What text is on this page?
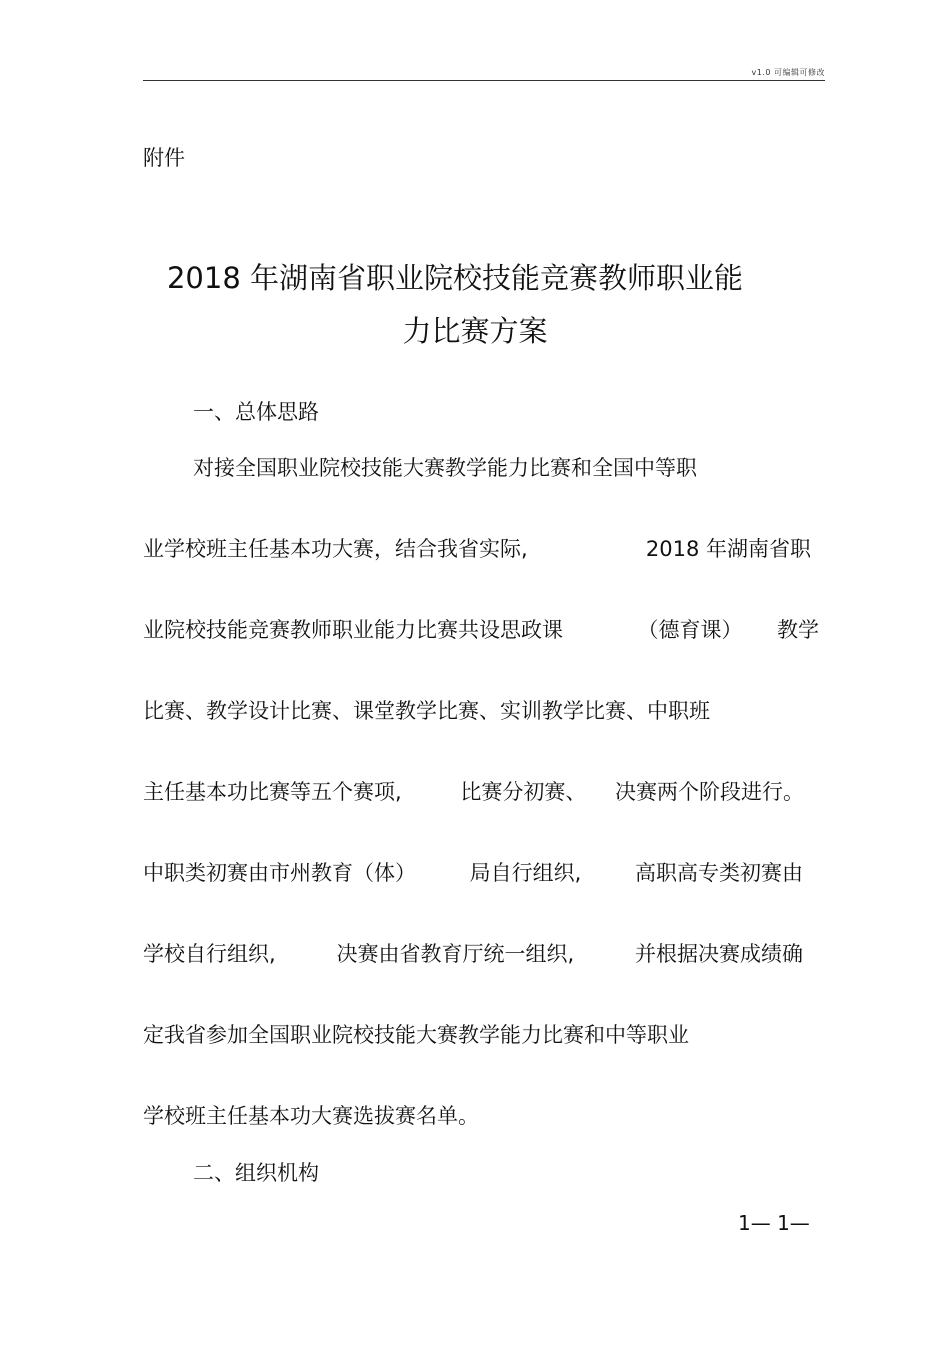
v1.0 可编辑可修改
附件
2018 年湖南省职业院校技能竞赛教师职业能
力比赛方案
一、总体思路
对接全国职业院校技能大赛教学能力比赛和全国中等职
业学校班主任基本功大赛，结合我省实际,	2018 年湖南省职
业院校技能竞赛教师职业能力比赛共设思政课	（德育课） 教学
比赛、教学设计比赛、课堂教学比赛、实训教学比赛、中职班
主任基本功比赛等五个赛项,	比赛分初赛、 决赛两个阶段进行。
中职类初赛由市州教育（体）	局自行组织,	高职高专类初赛由
学校自行组织,	决赛由省教育厅统一组织,	并根据决赛成绩确
定我省参加全国职业院校技能大赛教学能力比赛和中等职业
学校班主任基本功大赛选拔赛名单。
二、组织机构
1— 1—
